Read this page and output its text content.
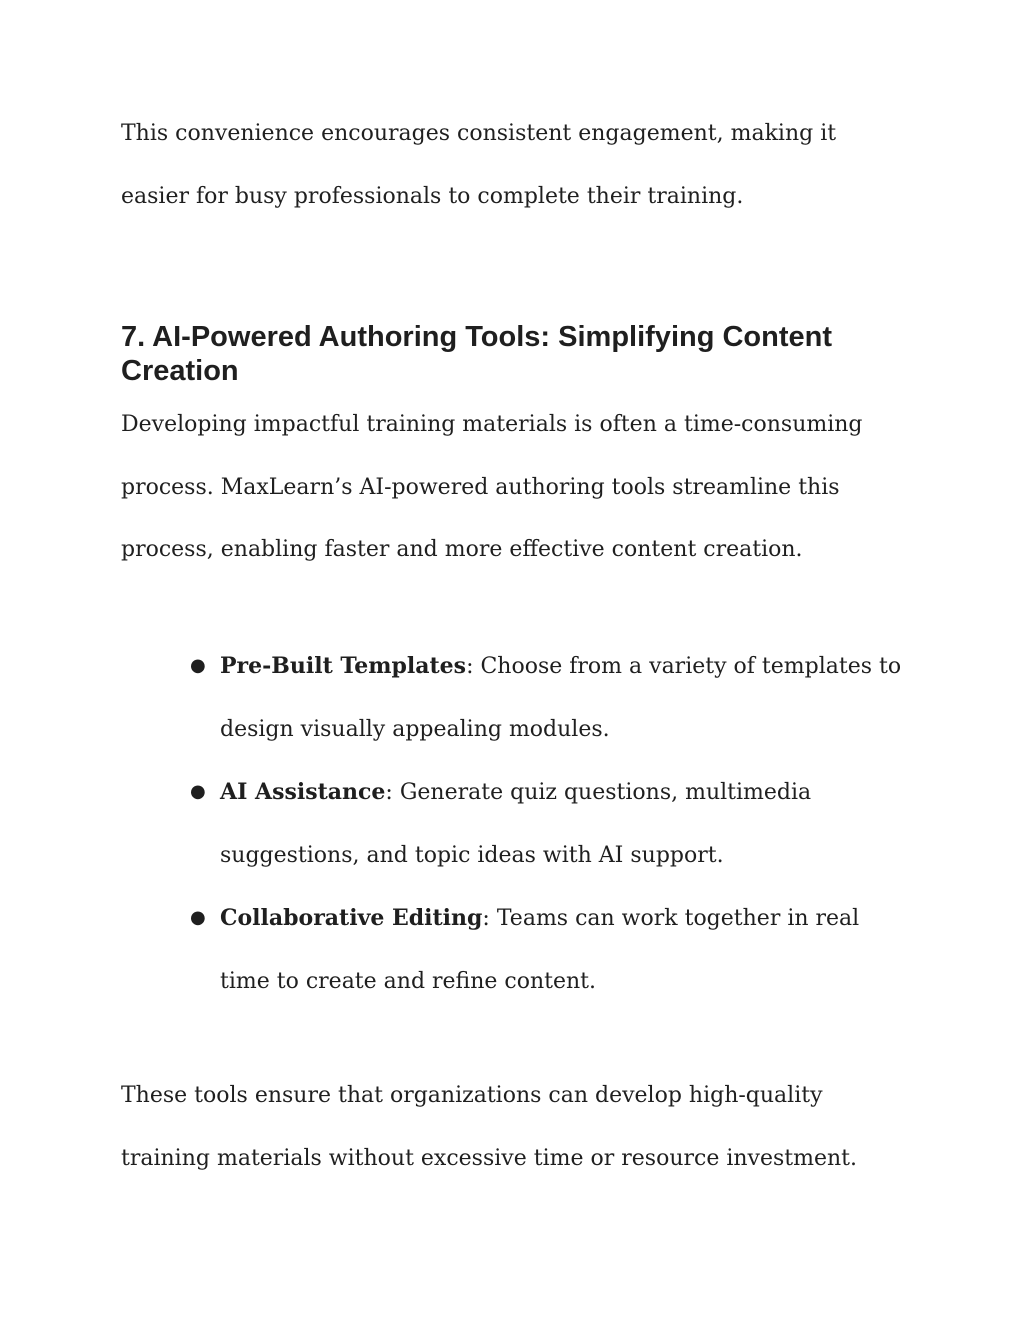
This convenience encourages consistent engagement, making it easier for busy professionals to complete their training.

7. AI-Powered Authoring Tools: Simplifying Content Creation

Developing impactful training materials is often a time-consuming process. MaxLearn’s AI-powered authoring tools streamline this process, enabling faster and more effective content creation.

● Pre-Built Templates: Choose from a variety of templates to design visually appealing modules.
● AI Assistance: Generate quiz questions, multimedia suggestions, and topic ideas with AI support.
● Collaborative Editing: Teams can work together in real time to create and refine content.

These tools ensure that organizations can develop high-quality training materials without excessive time or resource investment.
